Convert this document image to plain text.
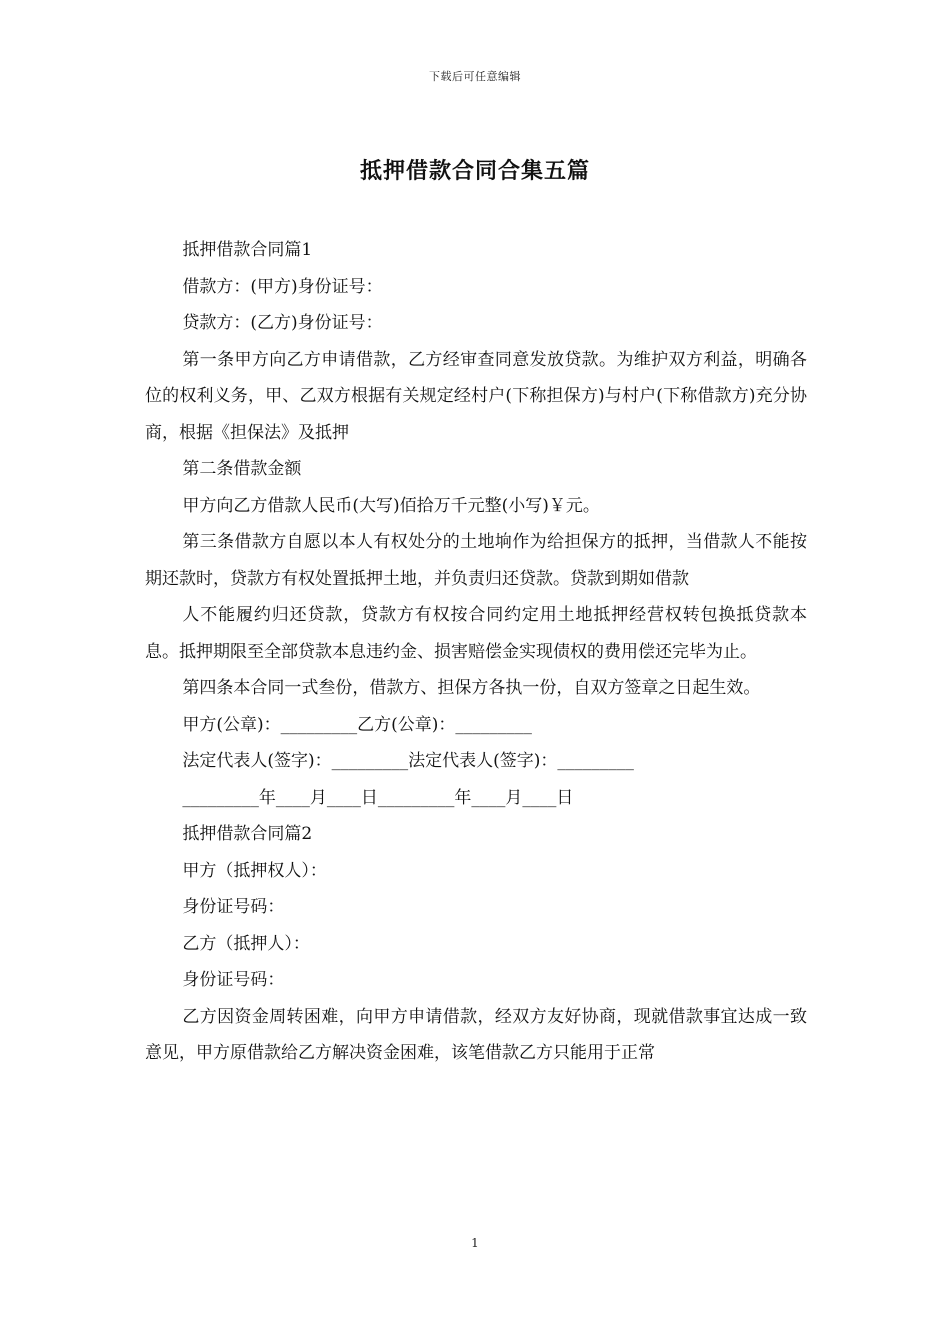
下载后可任意编辑
抵押借款合同合集五篇

抵押借款合同篇1

借款方：(甲方)身份证号：

贷款方：(乙方)身份证号：

第一条甲方向乙方申请借款，乙方经审查同意发放贷款。为维护双方利益，明确各位的权利义务，甲、乙双方根据有关规定经村户(下称担保方)与村户(下称借款方)充分协商，根据《担保法》及抵押

第二条借款金额

甲方向乙方借款人民币(大写)佰拾万千元整(小写)￥元。

第三条借款方自愿以本人有权处分的土地垧作为给担保方的抵押，当借款人不能按期还款时，贷款方有权处置抵押土地，并负责归还贷款。贷款到期如借款

人不能履约归还贷款，贷款方有权按合同约定用土地抵押经营权转包换抵贷款本息。抵押期限至全部贷款本息违约金、损害赔偿金实现债权的费用偿还完毕为止。

第四条本合同一式叁份，借款方、担保方各执一份，自双方签章之日起生效。

甲方(公章)：_________乙方(公章)：_________

法定代表人(签字)：_________法定代表人(签字)：_________

_________年____月____日_________年____月____日

抵押借款合同篇2

甲方（抵押权人）：

身份证号码：

乙方（抵押人）：

身份证号码：

乙方因资金周转困难，向甲方申请借款，经双方友好协商，现就借款事宜达成一致意见，甲方原借款给乙方解决资金困难，该笔借款乙方只能用于正常

1
